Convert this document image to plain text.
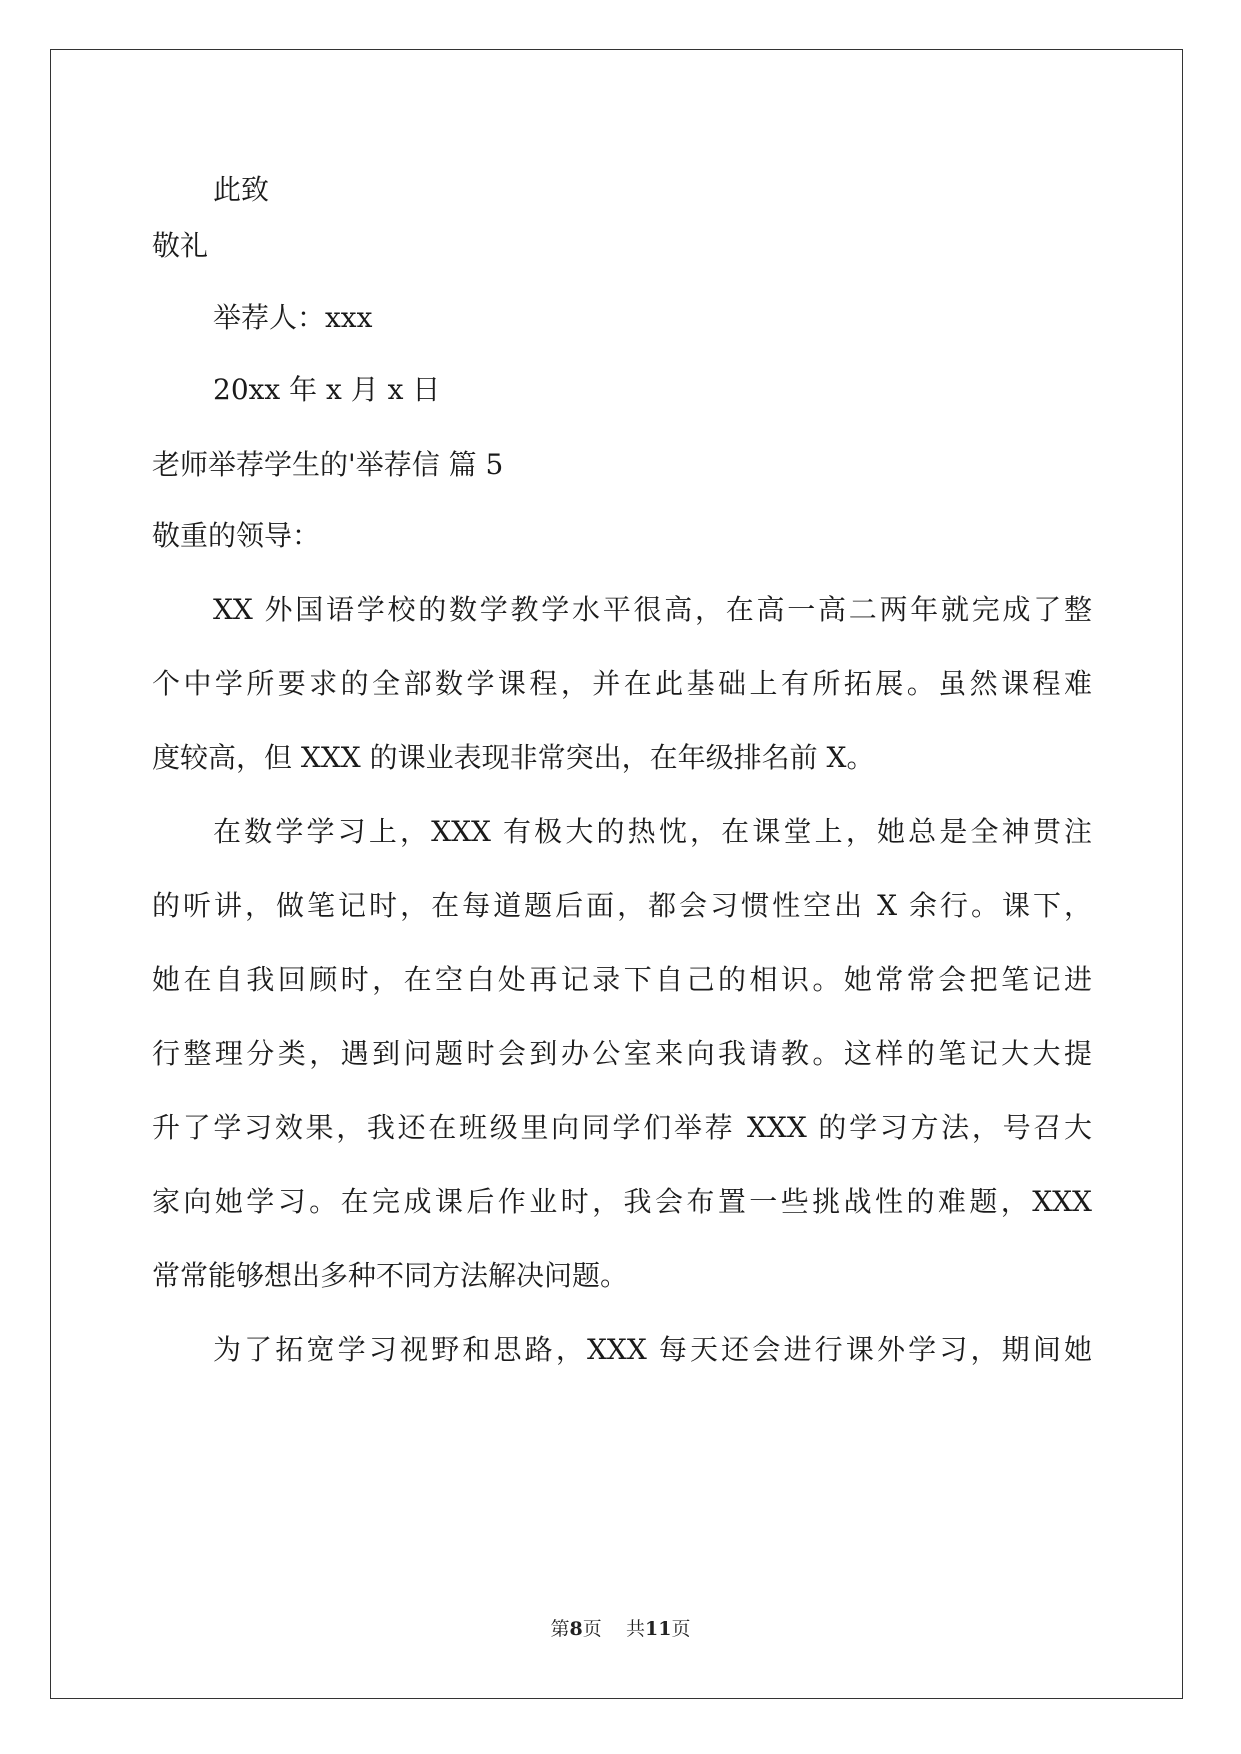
此致
敬礼
举荐人：xxx
20xx 年 x 月 x 日
老师举荐学生的'举荐信 篇 5
敬重的领导：
XX 外国语学校的数学教学水平很高，在高一高二两年就完成了整
个中学所要求的全部数学课程，并在此基础上有所拓展。虽然课程难
度较高，但 XXX 的课业表现非常突出，在年级排名前 X。
在数学学习上，XXX 有极大的热忱，在课堂上，她总是全神贯注
的听讲，做笔记时，在每道题后面，都会习惯性空出 X 余行。课下，
她在自我回顾时，在空白处再记录下自己的相识。她常常会把笔记进
行整理分类，遇到问题时会到办公室来向我请教。这样的笔记大大提
升了学习效果，我还在班级里向同学们举荐 XXX 的学习方法，号召大
家向她学习。在完成课后作业时，我会布置一些挑战性的难题，XXX
常常能够想出多种不同方法解决问题。
为了拓宽学习视野和思路，XXX 每天还会进行课外学习，期间她
第8页 共11页
